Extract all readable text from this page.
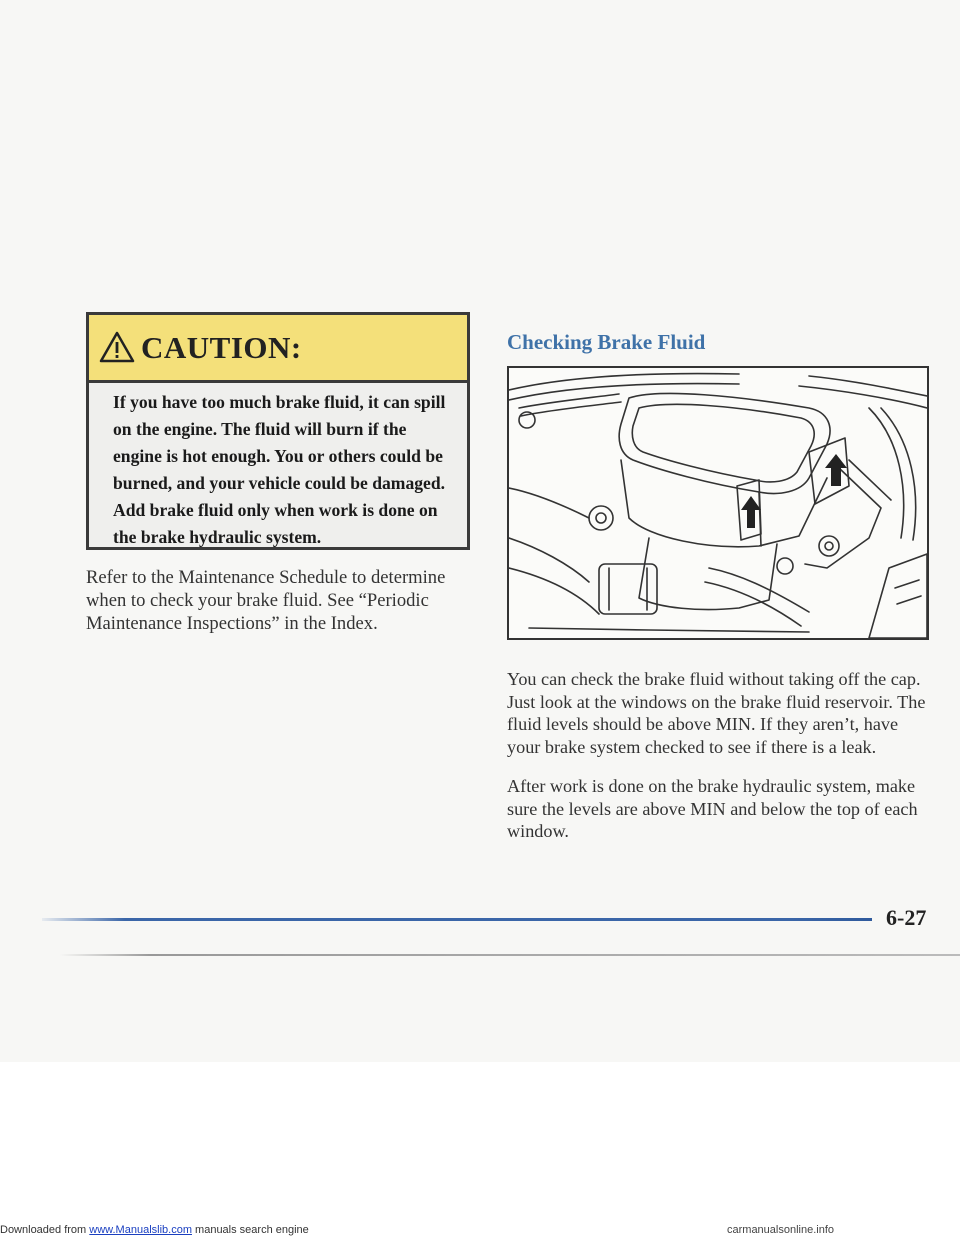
CAUTION:
If you have too much brake fluid, it can spill on the engine. The fluid will burn if the engine is hot enough. You or others could be burned, and your vehicle could be damaged. Add brake fluid only when work is done on the brake hydraulic system.
Refer to the Maintenance Schedule to determine when to check your brake fluid. See “Periodic Maintenance Inspections” in the Index.
Checking Brake Fluid
You can check the brake fluid without taking off the cap. Just look at the windows on the brake fluid reservoir. The fluid levels should be above MIN. If they aren’t, have your brake system checked to see if there is a leak.
After work is done on the brake hydraulic system, make sure the levels are above MIN and below the top of each window.
6-27
Downloaded from www.Manualslib.com manuals search engine	carmanualsonline.info
